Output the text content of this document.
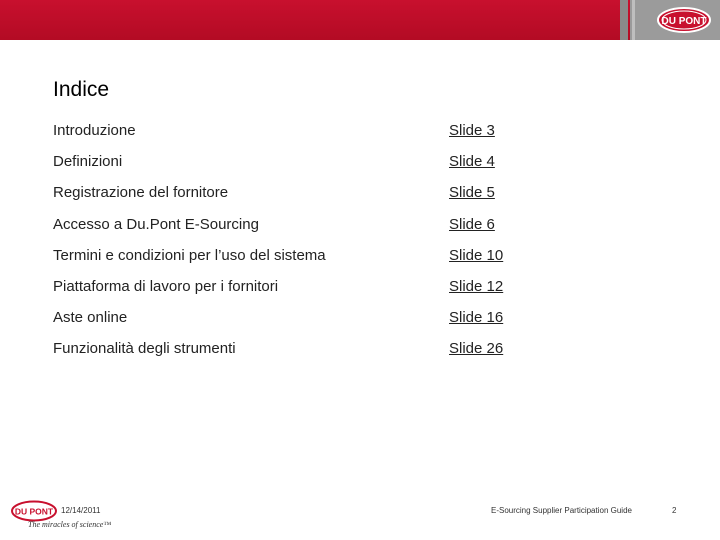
DU PONT
Indice
Introduzione	Slide 3
Definizioni	Slide 4
Registrazione del fornitore	Slide 5
Accesso a Du.Pont E-Sourcing	Slide 6
Termini e condizioni per l’uso del sistema	Slide 10
Piattaforma di lavoro per i fornitori	Slide 12
Aste online	Slide 16
Funzionalità degli strumenti	Slide 26
DU PONT
The miracles of science™
12/14/2011	E-Sourcing Supplier Participation Guide	2
